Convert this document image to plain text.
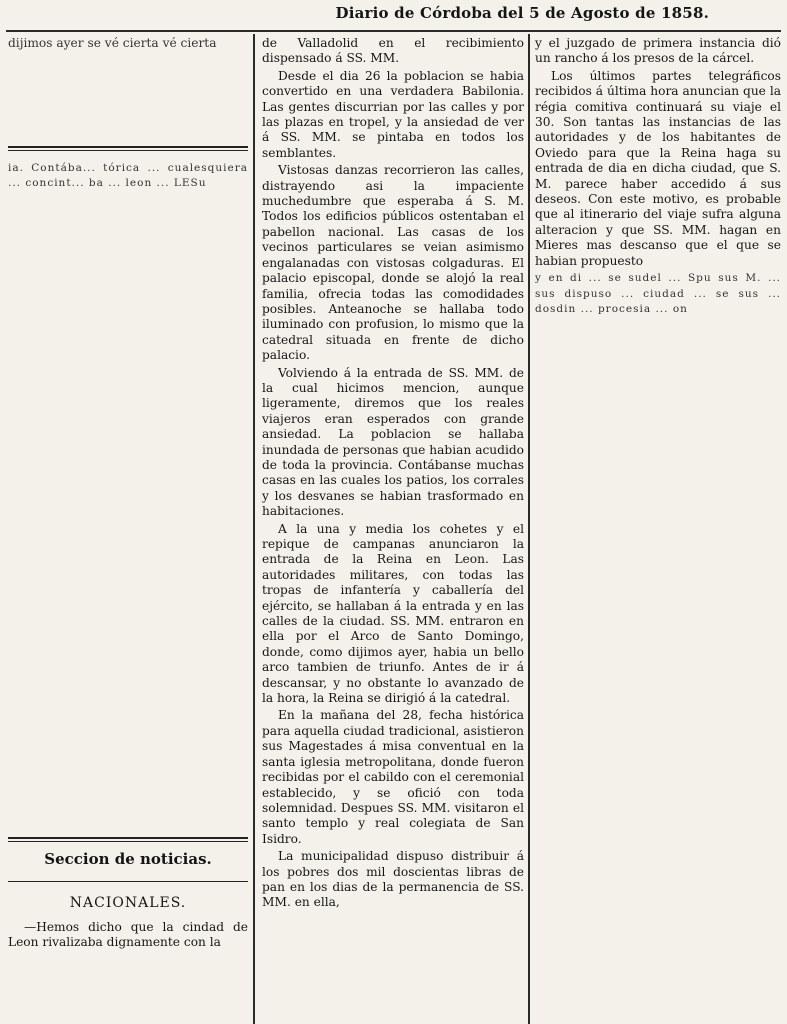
Diario de Córdoba del 5 de Agosto de 1858.
dijimos ayer se vé cierta vé cierta
ia. Contába... tórica ... cualesquiera ... concint... ba ... leon ... LESu
Seccion de noticias.
NACIONALES.

—Hemos dicho que la cindad de Leon rivalizaba dignamente con la

de Valladolid en el recibimiento dispensado á SS. MM.

Desde el dia 26 la poblacion se habia convertido en una verdadera Babilonia. Las gentes discurrian por las calles y por las plazas en tropel, y la ansiedad de ver á SS. MM. se pintaba en todos los semblantes.

Vistosas danzas recorrieron las calles, distrayendo asi la impaciente muchedumbre que esperaba á S. M. Todos los edificios públicos ostentaban el pabellon nacional. Las casas de los vecinos particulares se veian asimismo engalanadas con vistosas colgaduras. El palacio episcopal, donde se alojó la real familia, ofrecia todas las comodidades posibles. Anteanoche se hallaba todo iluminado con profusion, lo mismo que la catedral situada en frente de dicho palacio.

Volviendo á la entrada de SS. MM. de la cual hicimos mencion, aunque ligeramente, diremos que los reales viajeros eran esperados con grande ansiedad. La poblacion se hallaba inundada de personas que habian acudido de toda la provincia. Contábanse muchas casas en las cuales los patios, los corrales y los desvanes se habian trasformado en habitaciones.

A la una y media los cohetes y el repique de campanas anunciaron la entrada de la Reina en Leon. Las autoridades militares, con todas las tropas de infantería y caballería del ejército, se hallaban á la entrada y en las calles de la ciudad. SS. MM. entraron en ella por el Arco de Santo Domingo, donde, como dijimos ayer, habia un bello arco tambien de triunfo. Antes de ir á descansar, y no obstante lo avanzado de la hora, la Reina se dirigió á la catedral.

En la mañana del 28, fecha histórica para aquella ciudad tradicional, asistieron sus Magestades á misa conventual en la santa iglesia metropolitana, donde fueron recibidas por el cabildo con el ceremonial establecido, y se ofició con toda solemnidad. Despues SS. MM. visitaron el santo templo y real colegiata de San Isidro.

La municipalidad dispuso distribuir á los pobres dos mil doscientas libras de pan en los dias de la permanencia de SS. MM. en ella,

y el juzgado de primera instancia dió un rancho á los presos de la cárcel.

Los últimos partes telegráficos recibidos á última hora anuncian que la régia comitiva continuará su viaje el 30. Son tantas las instancias de las autoridades y de los habitantes de Oviedo para que la Reina haga su entrada de dia en dicha ciudad, que S. M. parece haber accedido á sus deseos. Con este motivo, es probable que al itinerario del viaje sufra alguna alteracion y que SS. MM. hagan en Mieres mas descanso que el que se habian propuesto

y en di ... se sudel ... Spu sus M. ... sus dispuso ... ciudad ... se sus ... dosdin ... procesia ... on
